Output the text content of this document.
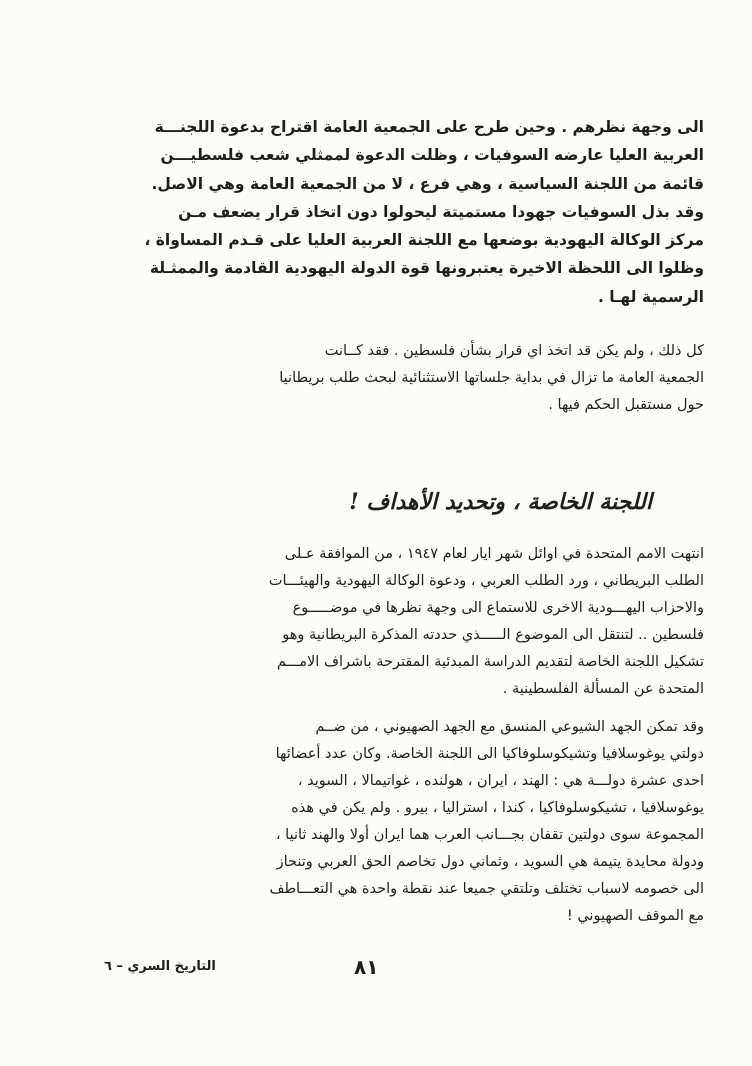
الى وجهة نظرهم . وحين طرح على الجمعية العامة اقتراح بدعوة اللجنـــة
العربية العليا عارضه السوفيات ، وظلت الدعوة لممثلي شعب فلسطيـــن
قائمة من اللجنة السياسية ، وهي فرع ، لا من الجمعية العامة وهي الاصل.
وقد بذل السوفيات جهودا مستميتة ليحولوا دون اتخاذ قرار يضعف مـن
مركز الوكالة اليهودية بوضعها مع اللجنة العربية العليا على قـدم المساواة ،
وظلوا الى اللحظة الاخيرة يعتبرونها قوة الدولة اليهودية القادمة والممثـلة
الرسمية لهـا .
كل ذلك ، ولم يكن قد اتخذ اي قرار بشأن فلسطين . فقد كــانت
الجمعية العامة ما تزال في بداية جلساتها الاستثنائية لبحث طلب بريطانيا
حول مستقبل الحكم فيها .
اللجنة الخاصة ، وتحديد الأهداف !
انتهت الامم المتحدة في اوائل شهر ايار لعام ١٩٤٧ ، من الموافقة عـلى
الطلب البريطاني ، ورد الطلب العربي ، ودعوة الوكالة اليهودية والهيئـــات
والاحزاب اليهـــودية الاخرى للاستماع الى وجهة نظرها في موضـــــوع
فلسطين .. لتنتقل الى الموضوع الـــــذي حددته المذكرة البريطانية وهو
تشكيل اللجنة الخاصة لتقديم الدراسة المبدئية المقترحة باشراف الامـــم
المتحدة عن المسألة الفلسطينية .
وقد تمكن الجهد الشيوعي المنسق مع الجهد الصهيوني ، من ضــم
دولتي يوغوسلافيا وتشيكوسلوفاكيا الى اللجنة الخاصة. وكان عدد أعضائها
احدى عشرة دولـــة هي : الهند ، ايران ، هولنده ، غواتيمالا ، السويد ،
يوغوسلافيا ، تشيكوسلوفاكيا ، كندا ، استراليا ، بيرو . ولم يكن في هذه
المجموعة سوى دولتين تقفان بجـــانب العرب هما ايران أولا والهند ثانيا ،
ودولة محايدة يتيمة هي السويد ، وثماني دول تخاصم الحق العربي وتنحاز
الى خصومه لاسباب تختلف وتلتقي جميعا عند نقطة واحدة هي التعـــاطف
مع الموقف الصهيوني !
٨١
التاريخ السري – ٦
